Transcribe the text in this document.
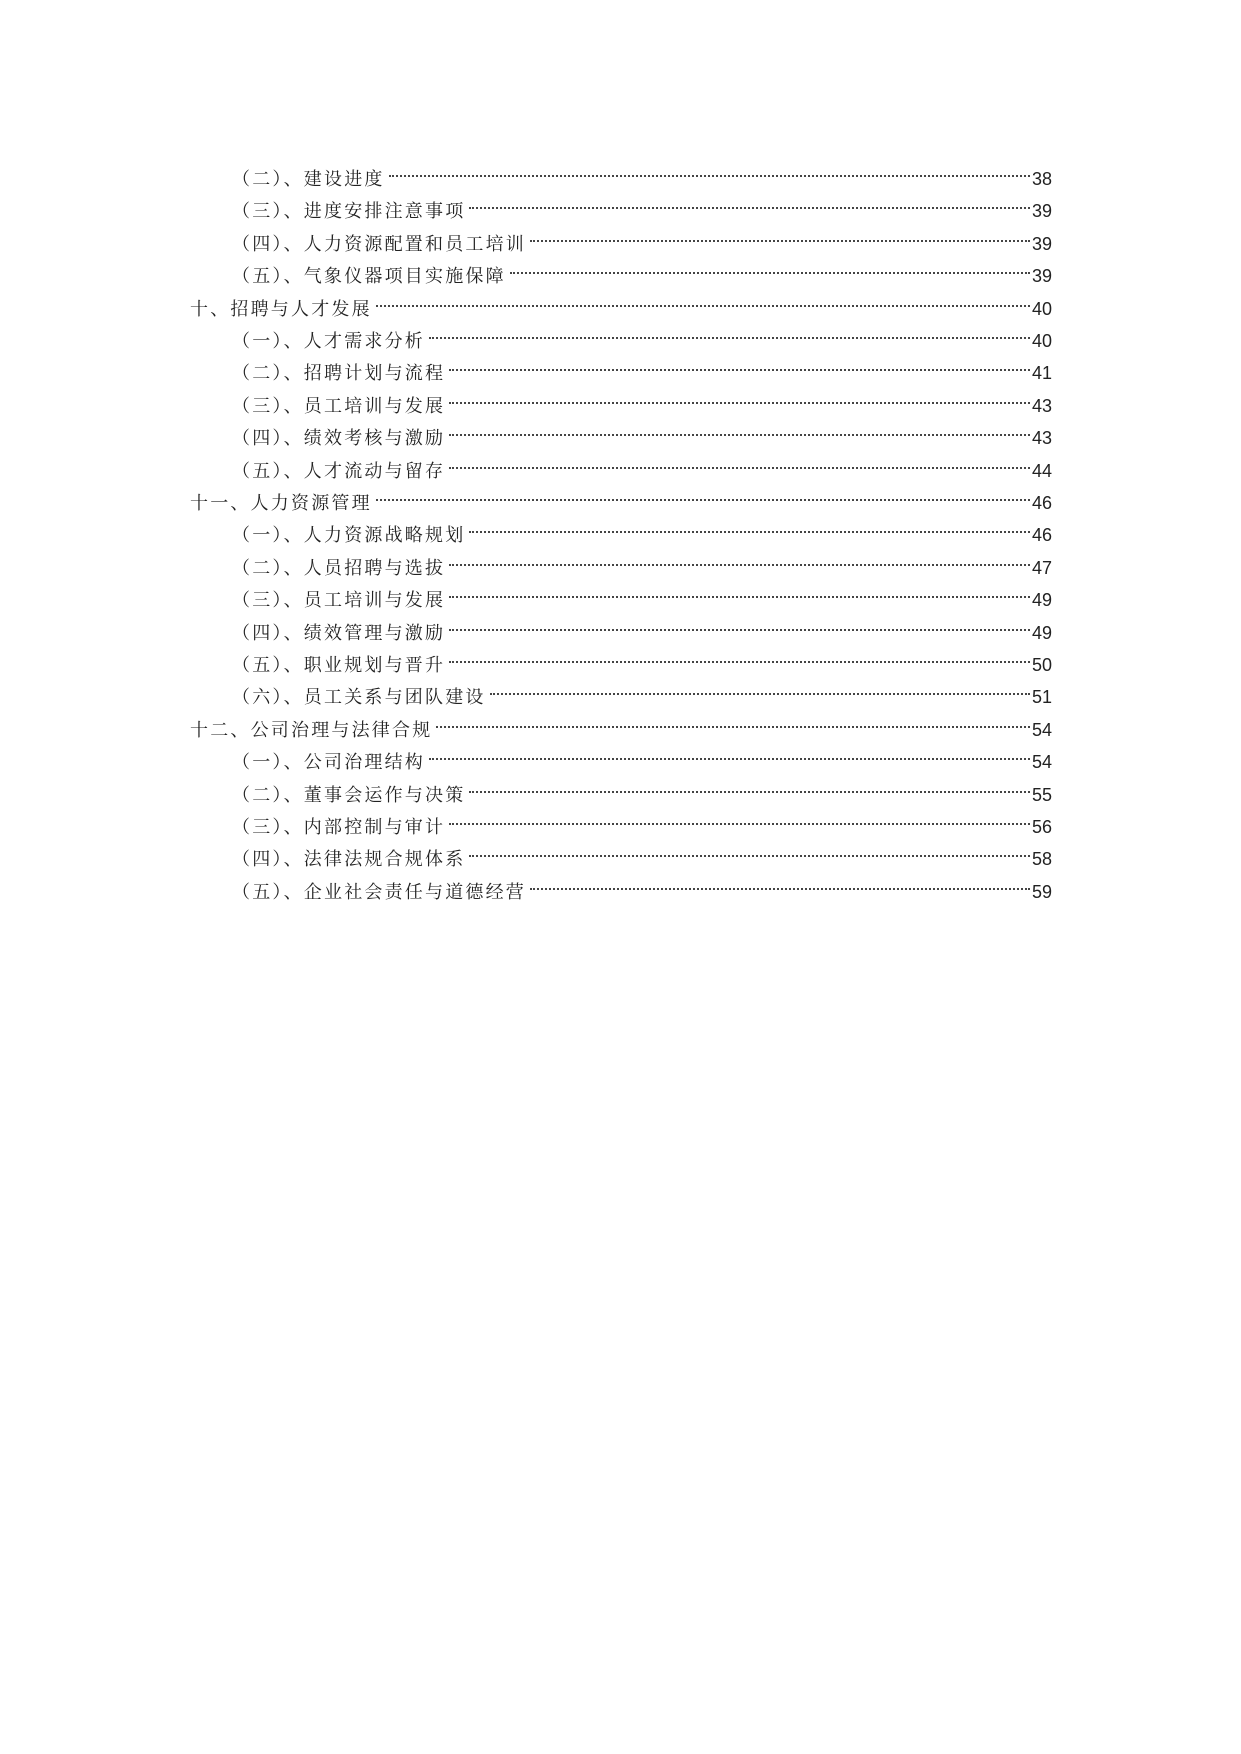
（二）、建设进度	38
（三）、进度安排注意事项	39
（四）、人力资源配置和员工培训	39
（五）、气象仪器项目实施保障	39
十、招聘与人才发展	40
（一）、人才需求分析	40
（二）、招聘计划与流程	41
（三）、员工培训与发展	43
（四）、绩效考核与激励	43
（五）、人才流动与留存	44
十一、人力资源管理	46
（一）、人力资源战略规划	46
（二）、人员招聘与选拔	47
（三）、员工培训与发展	49
（四）、绩效管理与激励	49
（五）、职业规划与晋升	50
（六）、员工关系与团队建设	51
十二、公司治理与法律合规	54
（一）、公司治理结构	54
（二）、董事会运作与决策	55
（三）、内部控制与审计	56
（四）、法律法规合规体系	58
（五）、企业社会责任与道德经营	59
